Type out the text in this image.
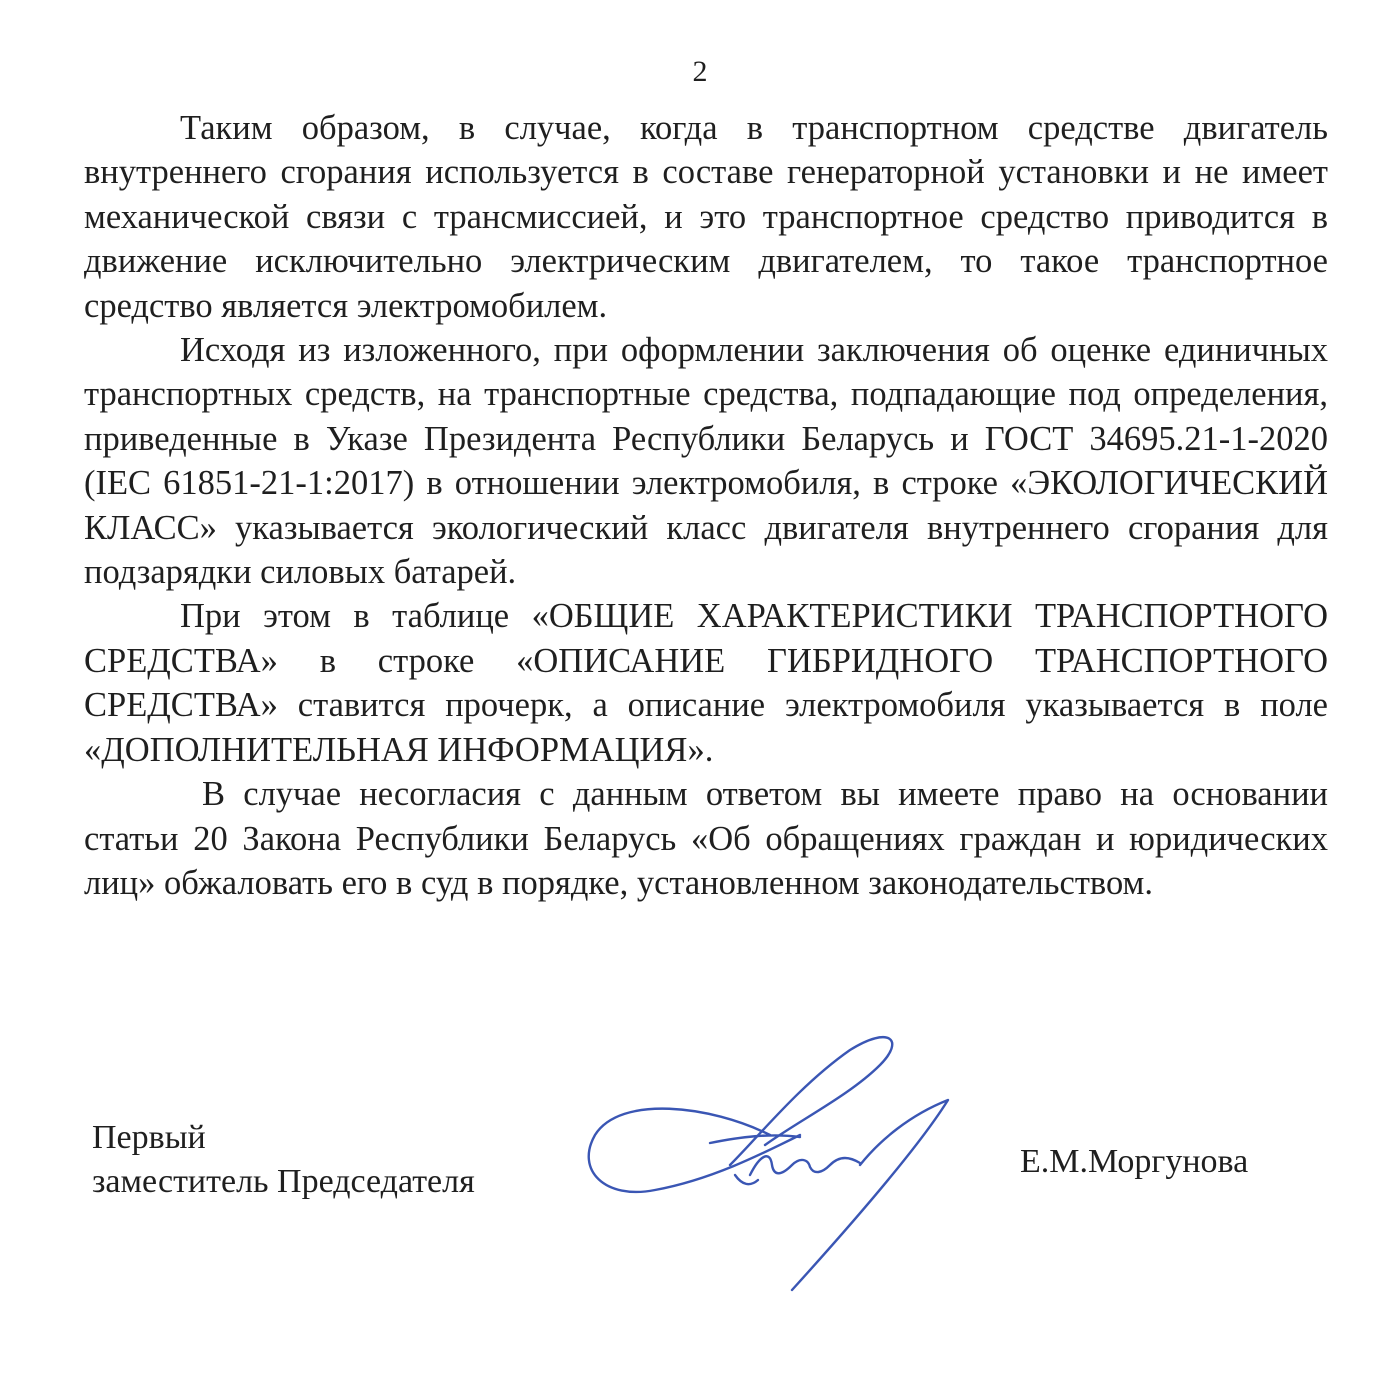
2

Таким образом, в случае, когда в транспортном средстве двигатель внутреннего сгорания используется в составе генераторной установки и не имеет механической связи с трансмиссией, и это транспортное средство приводится в движение исключительно электрическим двигателем, то такое транспортное средство является электромобилем.

Исходя из изложенного, при оформлении заключения об оценке единичных транспортных средств, на транспортные средства, подпадающие под определения, приведенные в Указе Президента Республики Беларусь и ГОСТ 34695.21-1-2020 (IEC 61851-21-1:2017) в отношении электромобиля, в строке «ЭКОЛОГИЧЕСКИЙ КЛАСС» указывается экологический класс двигателя внутреннего сгорания для подзарядки силовых батарей.

При этом в таблице «ОБЩИЕ ХАРАКТЕРИСТИКИ ТРАНСПОРТНОГО СРЕДСТВА» в строке «ОПИСАНИЕ ГИБРИДНОГО ТРАНСПОРТНОГО СРЕДСТВА» ставится прочерк, а описание электромобиля указывается в поле «ДОПОЛНИТЕЛЬНАЯ ИНФОРМАЦИЯ».

В случае несогласия с данным ответом вы имеете право на основании статьи 20 Закона Республики Беларусь «Об обращениях граждан и юридических лиц» обжаловать его в суд в порядке, установленном законодательством.

Первый
заместитель Председателя
Е.М.Моргунова
